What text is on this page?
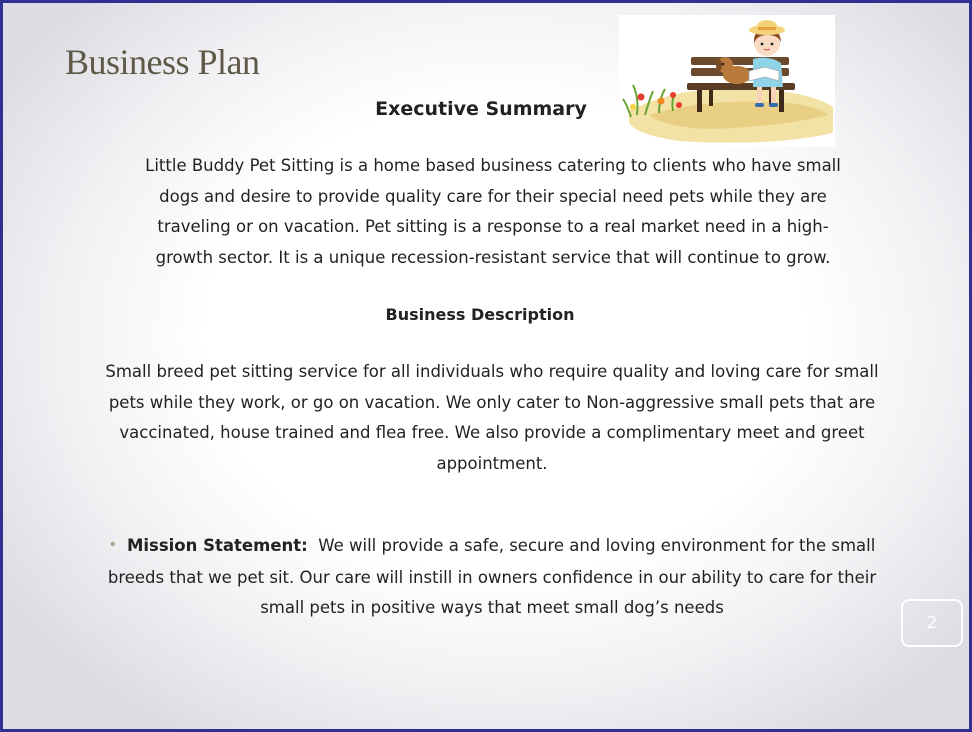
Business Plan
Executive Summary

Little Buddy Pet Sitting is a home based business catering to clients who have small
dogs and desire to provide quality care for their special need pets while they are
traveling or on vacation. Pet sitting is a response to a real market need in a high-
growth sector. It is a unique recession-resistant service that will continue to grow.

Business Description

Small breed pet sitting service for all individuals who require quality and loving care for small
pets while they work, or go on vacation. We only cater to Non-aggressive small pets that are
vaccinated, house trained and flea free. We also provide a complimentary meet and greet
appointment.

• Mission Statement: We will provide a safe, secure and loving environment for the small
breeds that we pet sit. Our care will instill in owners confidence in our ability to care for their
small pets in positive ways that meet small dog’s needs

2
